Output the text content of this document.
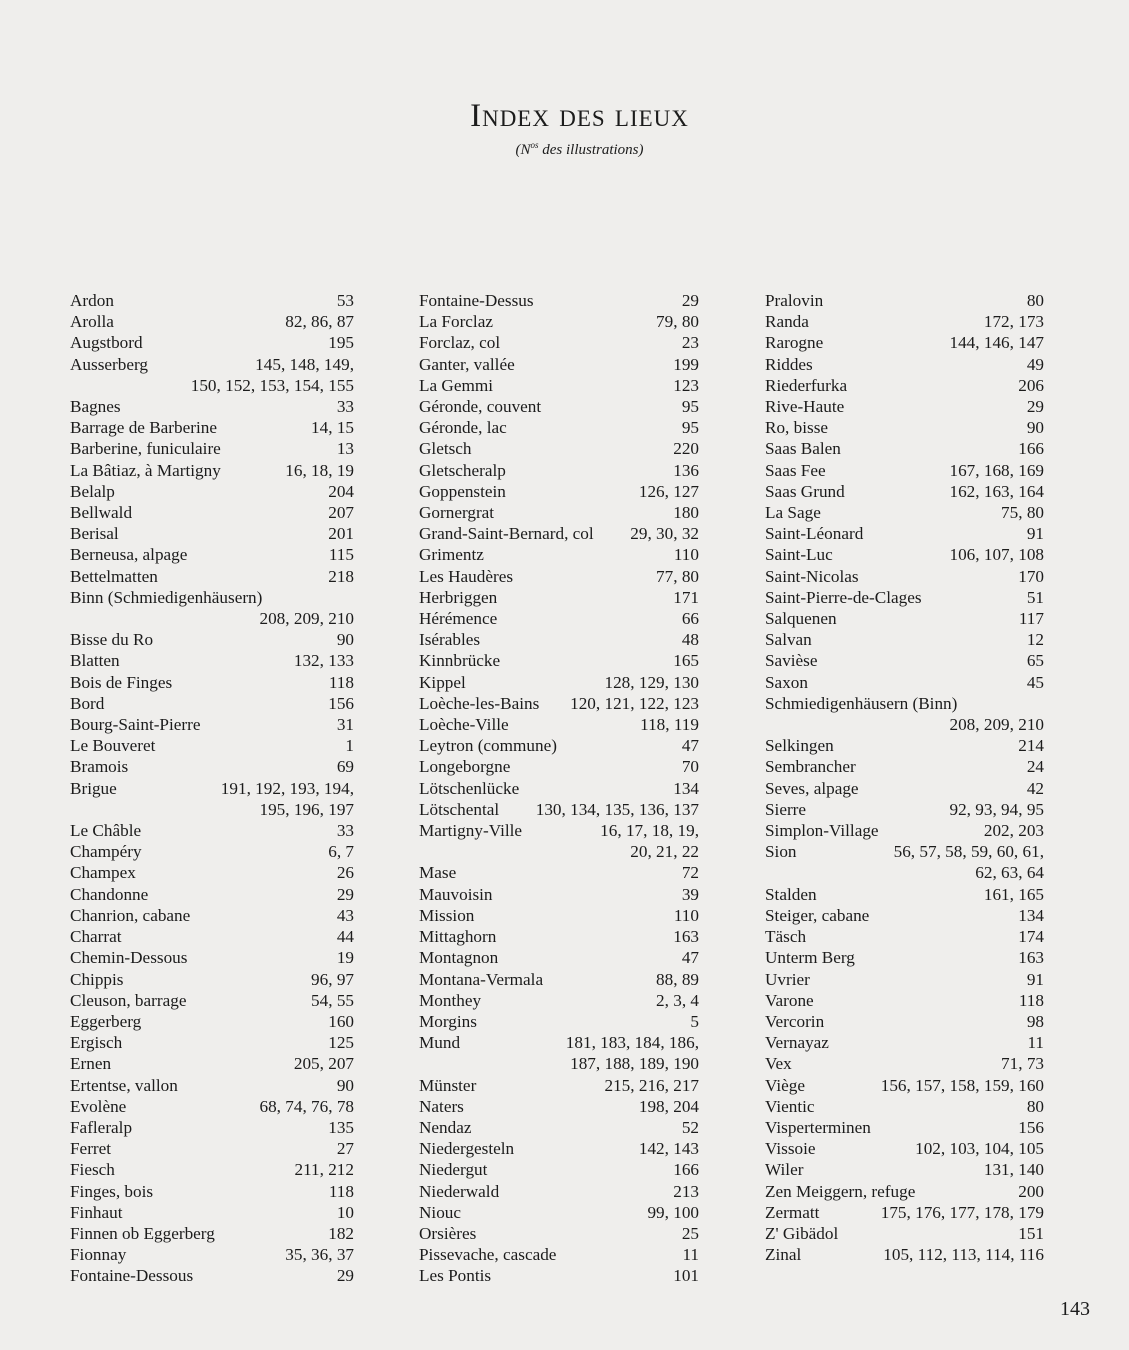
Index des lieux
($N^{os}$ des illustrations)
Ardon	53
Arolla	82, 86, 87
Augstbord	195
Ausserberg	145, 148, 149,
150, 152, 153, 154, 155
Bagnes	33
Barrage de Barberine	14, 15
Barberine, funiculaire	13
La Bâtiaz, à Martigny	16, 18, 19
Belalp	204
Bellwald	207
Berisal	201
Berneusa, alpage	115
Bettelmatten	218
Binn (Schmiedigenhäusern)
208, 209, 210
Bisse du Ro	90
Blatten	132, 133
Bois de Finges	118
Bord	156
Bourg-Saint-Pierre	31
Le Bouveret	1
Bramois	69
Brigue	191, 192, 193, 194,
195, 196, 197
Le Châble	33
Champéry	6, 7
Champex	26
Chandonne	29
Chanrion, cabane	43
Charrat	44
Chemin-Dessous	19
Chippis	96, 97
Cleuson, barrage	54, 55
Eggerberg	160
Ergisch	125
Ernen	205, 207
Ertentse, vallon	90
Evolène	68, 74, 76, 78
Fafleralp	135
Ferret	27
Fiesch	211, 212
Finges, bois	118
Finhaut	10
Finnen ob Eggerberg	182
Fionnay	35, 36, 37
Fontaine-Dessous	29
Fontaine-Dessus	29
La Forclaz	79, 80
Forclaz, col	23
Ganter, vallée	199
La Gemmi	123
Géronde, couvent	95
Géronde, lac	95
Gletsch	220
Gletscheralp	136
Goppenstein	126, 127
Gornergrat	180
Grand-Saint-Bernard, col	29, 30, 32
Grimentz	110
Les Haudères	77, 80
Herbriggen	171
Hérémence	66
Isérables	48
Kinnbrücke	165
Kippel	128, 129, 130
Loèche-les-Bains	120, 121, 122, 123
Loèche-Ville	118, 119
Leytron (commune)	47
Longeborgne	70
Lötschenlücke	134
Lötschental	130, 134, 135, 136, 137
Martigny-Ville	16, 17, 18, 19,
20, 21, 22
Mase	72
Mauvoisin	39
Mission	110
Mittaghorn	163
Montagnon	47
Montana-Vermala	88, 89
Monthey	2, 3, 4
Morgins	5
Mund	181, 183, 184, 186,
187, 188, 189, 190
Münster	215, 216, 217
Naters	198, 204
Nendaz	52
Niedergesteln	142, 143
Niedergut	166
Niederwald	213
Niouc	99, 100
Orsières	25
Pissevache, cascade	11
Les Pontis	101
Pralovin	80
Randa	172, 173
Rarogne	144, 146, 147
Riddes	49
Riederfurka	206
Rive-Haute	29
Ro, bisse	90
Saas Balen	166
Saas Fee	167, 168, 169
Saas Grund	162, 163, 164
La Sage	75, 80
Saint-Léonard	91
Saint-Luc	106, 107, 108
Saint-Nicolas	170
Saint-Pierre-de-Clages	51
Salquenen	117
Salvan	12
Savièse	65
Saxon	45
Schmiedigenhäusern (Binn)
208, 209, 210
Selkingen	214
Sembrancher	24
Seves, alpage	42
Sierre	92, 93, 94, 95
Simplon-Village	202, 203
Sion	56, 57, 58, 59, 60, 61,
62, 63, 64
Stalden	161, 165
Steiger, cabane	134
Täsch	174
Unterm Berg	163
Uvrier	91
Varone	118
Vercorin	98
Vernayaz	11
Vex	71, 73
Viège	156, 157, 158, 159, 160
Vientic	80
Visperterminen	156
Vissoie	102, 103, 104, 105
Wiler	131, 140
Zen Meiggern, refuge	200
Zermatt	175, 176, 177, 178, 179
Z' Gibädol	151
Zinal	105, 112, 113, 114, 116
143
